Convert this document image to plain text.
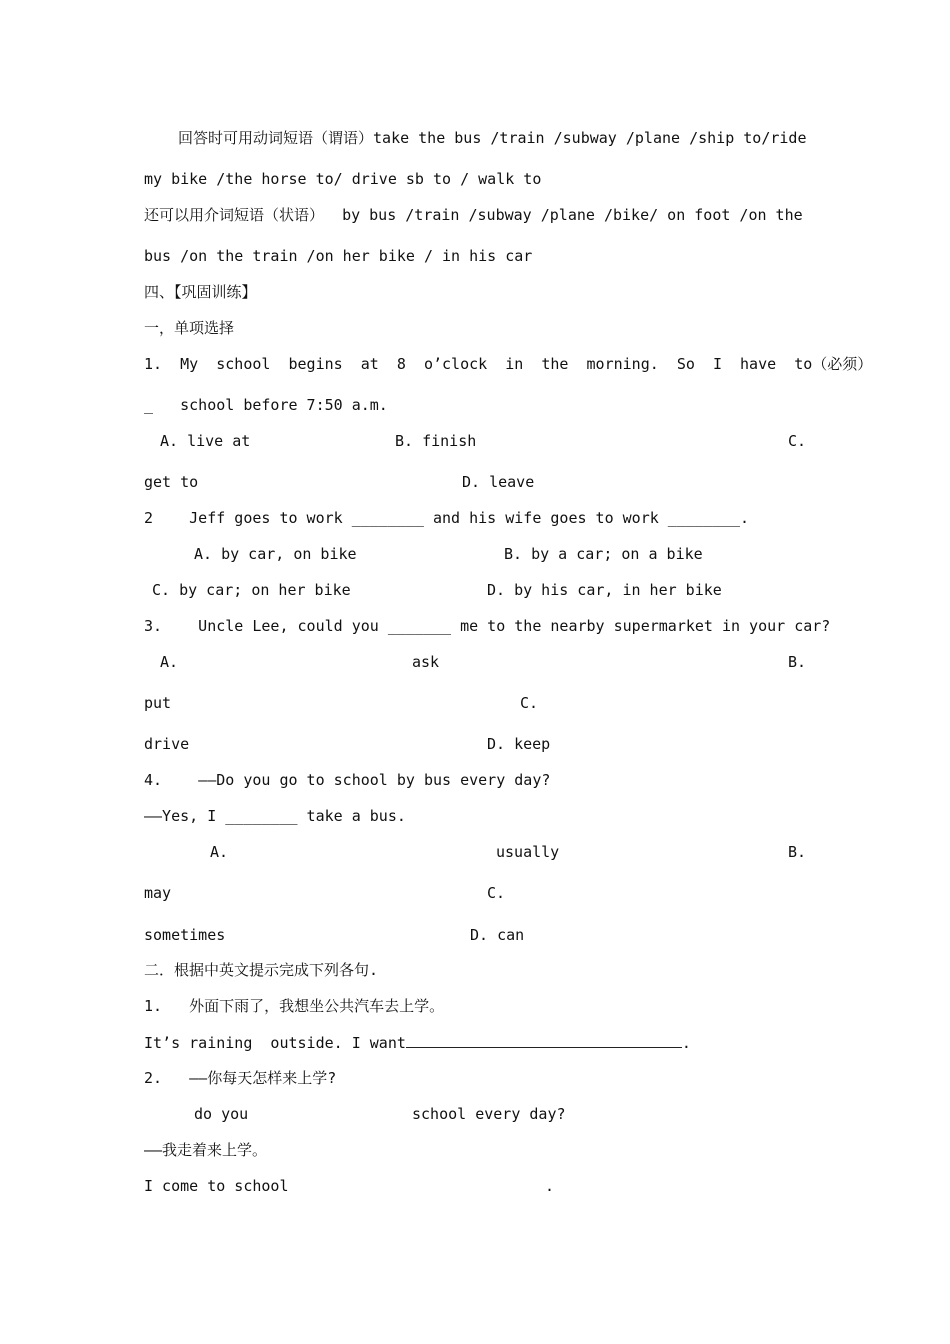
回答时可用动词短语（谓语）take the bus /train /subway /plane /ship to/ride
my bike /the horse to/ drive sb to / walk to
还可以用介词短语（状语）  by bus /train /subway /plane /bike/ on foot /on the
bus /on the train /on her bike / in his car
四、【巩固训练】
一，单项选择
1.  My  school  begins  at  8  o’clock  in  the  morning.  So  I  have  to（必须）
_   school before 7:50 a.m.
A. live at	B. finish	C.
get to	D. leave
2    Jeff goes to work ________ and his wife goes to work ________.
A. by car, on bike	B. by a car; on a bike
C. by car; on her bike	D. by his car, in her bike
3.    Uncle Lee, could you _______ me to the nearby supermarket in your car?
A.	ask	B.
put	C.
drive	D. keep
4.    ——Do you go to school by bus every day?
——Yes, I ________ take a bus.
A.	usually	B.
may	C.
sometimes	D. can
二．根据中英文提示完成下列各句.
1.   外面下雨了，我想坐公共汽车去上学。
It’s raining  outside. I want	.
2.   ——你每天怎样来上学?
do you	school every day?
——我走着来上学。
I come to school	.
